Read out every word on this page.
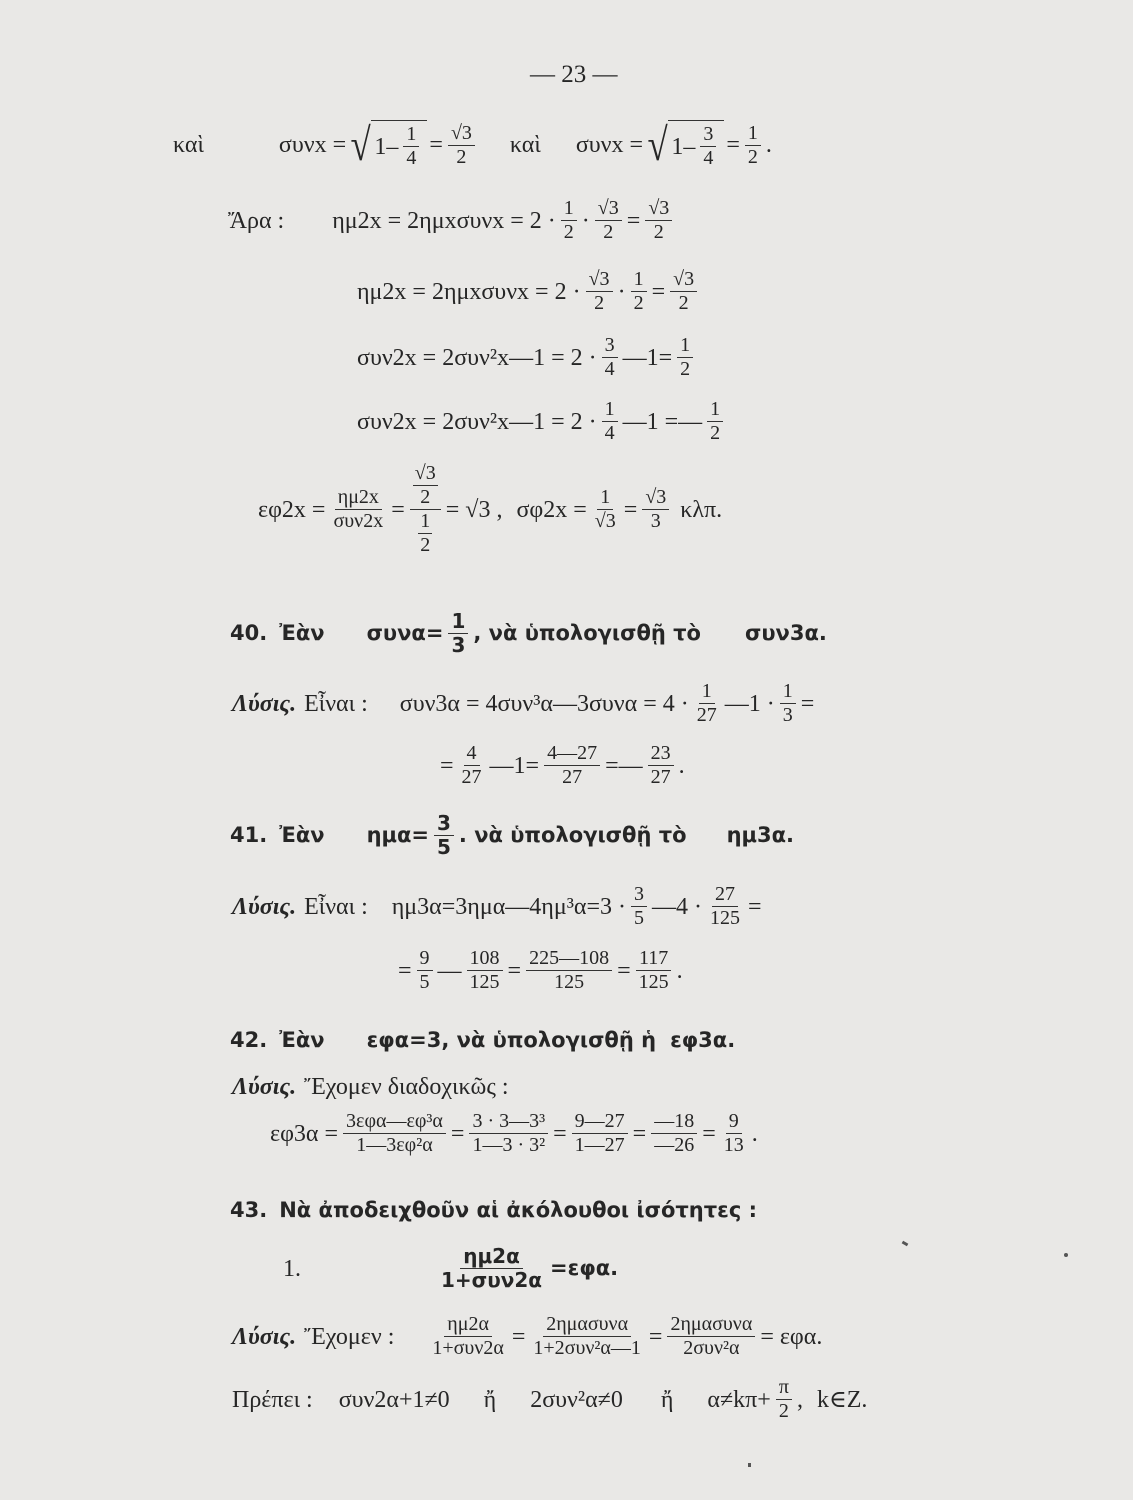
— 23 —
καὶ	συνx = √ 1– 1
$4 = \frac{√3}{2}$ καὶ συνx = √ 1– 3
$4 = \frac{1}{2}$ .
Ἄρα : ημ2x = 2ημxσυνx = 2 · 1
$2 \cdot \frac{√3}{2} = \frac{√3}{2}$
ημ2x = 2ημxσυνx = 2 · √3
$2 \cdot \frac{1}{2} = \frac{√3}{2}$
συν2x = 2συν²x—1 = 2 · 3
4 —1= $\frac{1}{2}$
συν2x = 2συν²x—1 = 2 · 1
4 —1 =— 1
2
εφ2x = ημ2x
συν2x = √3
2
1
2 = √3 , $\sigma\varphi 2x = \frac{1}{√3} = \frac{√3}{3} \kappa\lambda\pi$.
40. Ἐὰν $\sigma\upsilon\nu\alpha= \frac{1}{3}$ , νὰ ὑπολογισθῇ τὸ συν3α.
Λύσις. Εἶναι : συν3α = 4συν³α—3συνα = 4 · 1
27 —1 · $\frac{1}{3}$ =
= $\frac{4}{27}$ —1= $\frac{4—27}{27}$ =— 23
27 .
41. Ἐὰν $\eta\mu\alpha= \frac{3}{5}$ . νὰ ὑπολογισθῇ τὸ ημ3α.
Λύσις. Εἶναι : ημ3α=3ημα—4ημ³α=3 · 3
5 —4 · $\frac{27}{125}$ =
= $\frac{9}{5}$ — $\frac{108}{125} = \frac{225—108}{125} = \frac{117}{125}$ .
42. Ἐὰν εφα=3, νὰ ὑπολογισθῇ ἡ εφ3α.
Λύσις. Ἔχομεν διαδοχικῶς :
εφ3α = 3εφα—εφ³α
1—3εφ²α = $\frac{\text{3 · 3—3³}}{\text{1—3 · 3²}} = \frac{9—27}{1—27} = \frac{—18}{—26} = \frac{9}{13}$ .
43. Νὰ ἀποδειχθοῦν αἱ ἀκόλουθοι ἰσότητες :
1.	ημ2α
1+συν2α =εφα.
Λύσις. Ἔχομεν :	ημ2α
1+συν2α = 2ημασυνα
1+2συν²α—1 = 2ημασυνα
2συν²α = εφα.
Πρέπει : συν2α+1≠0 ἤ 2συν²α≠0 ἤ $\alpha\ne k\pi+ \frac{\pi}{2}$ , k∈Z.
